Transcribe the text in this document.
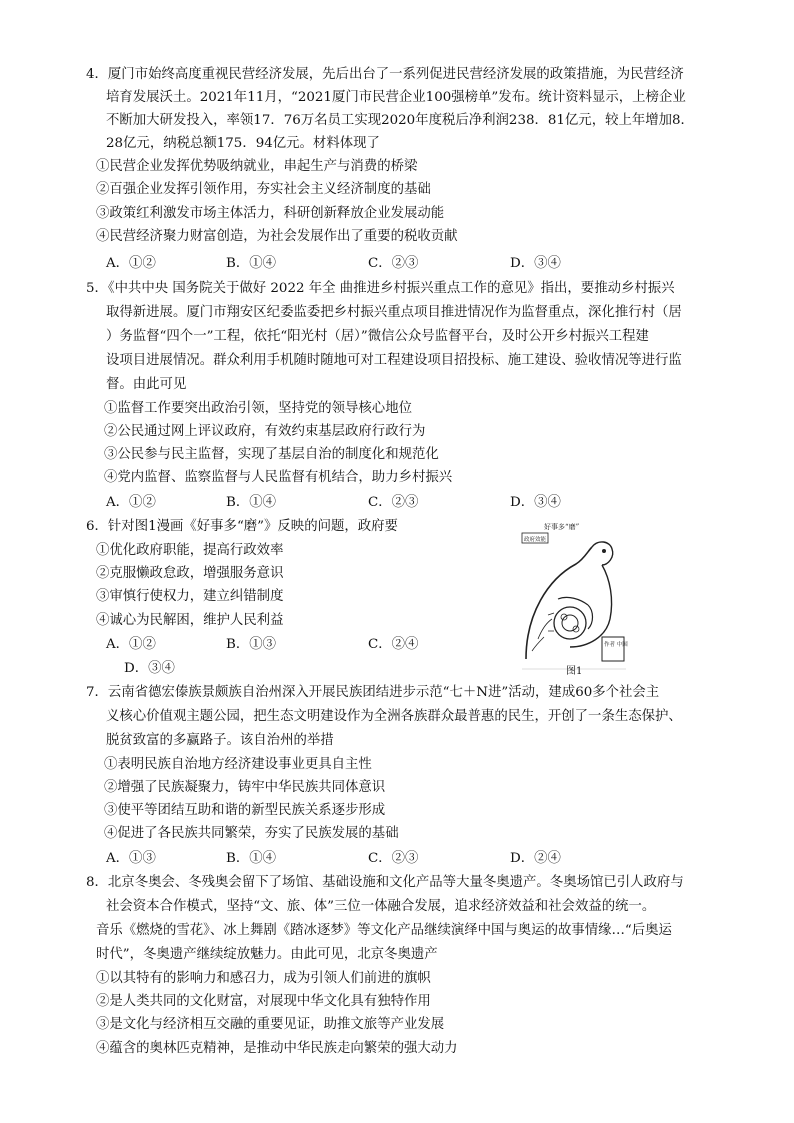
4．厦门市始终高度重视民营经济发展，先后出台了一系列促进民营经济发展的政策措施，为民营经济
培育发展沃土。2021年11月，“2021厦门市民营企业100强榜单”发布。统计资料显示，上榜企业
不断加大研发投入，率领17．76万名员工实现2020年度税后净利润238．81亿元，较上年增加8．
28亿元，纳税总额175．94亿元。材料体现了
①民营企业发挥优势吸纳就业，串起生产与消费的桥梁
②百强企业发挥引领作用，夯实社会主义经济制度的基础
③政策红利激发市场主体活力，科研创新释放企业发展动能
④民营经济聚力财富创造，为社会发展作出了重要的税收贡献
A．①②	B．①④	C．②③	D．③④
5．《中共中央 国务院关于做好 2022 年全 曲推进乡村振兴重点工作的意见》指出，要推动乡村振兴
取得新进展。厦门市翔安区纪委监委把乡村振兴重点项目推进情况作为监督重点，深化推行村（居
）务监督“四个一”工程，依托“阳光村（居）”微信公众号监督平台，及时公开乡村振兴工程建
设项目进展情况。群众利用手机随时随地可对工程建设项目招投标、施工建设、验收情况等进行监
督。由此可见
①监督工作要突出政治引领，坚持党的领导核心地位
②公民通过网上评议政府，有效约束基层政府行政行为
③公民参与民主监督，实现了基层自治的制度化和规范化
④党内监督、监察监督与人民监督有机结合，助力乡村振兴
A．①②	B．①④	C．②③	D．③④
6．针对图1漫画《好事多“磨”》反映的问题，政府要
①优化政府职能，提高行政效率
②克服懒政怠政，增强服务意识
③审慎行使权力，建立纠错制度
④诚心为民解困，维护人民利益
A．①②	B．①③	C．②④
D．③④
好事多“磨”
政府效能
作者 中国
图1
7．云南省德宏傣族景颇族自治州深入开展民族团结进步示范“七＋N进”活动，建成60多个社会主
义核心价值观主题公园，把生态文明建设作为全洲各族群众最普惠的民生，开创了一条生态保护、
脱贫致富的多赢路子。该自治州的举措
①表明民族自治地方经济建设事业更具自主性
②增强了民族凝聚力，铸牢中华民族共同体意识
③使平等团结互助和谐的新型民族关系逐步形成
④促进了各民族共同繁荣，夯实了民族发展的基础
A．①③	B．①④	C．②③	D．②④
8．北京冬奥会、冬残奥会留下了场馆、基础设施和文化产品等大量冬奥遗产。冬奥场馆已引人政府与
社会资本合作模式，坚持“文、旅、体”三位一体融合发展，追求经济效益和社会效益的统一。
音乐《燃烧的雪花》、冰上舞剧《踏冰逐梦》等文化产品继续演绎中国与奥运的故事情缘…“后奥运
时代”，冬奥遗产继续绽放魅力。由此可见，北京冬奥遗产
①以其特有的影响力和感召力，成为引领人们前进的旗帜
②是人类共同的文化财富，对展现中华文化具有独特作用
③是文化与经济相互交融的重要见证，助推文旅等产业发展
④蕴含的奥林匹克精神，是推动中华民族走向繁荣的强大动力
